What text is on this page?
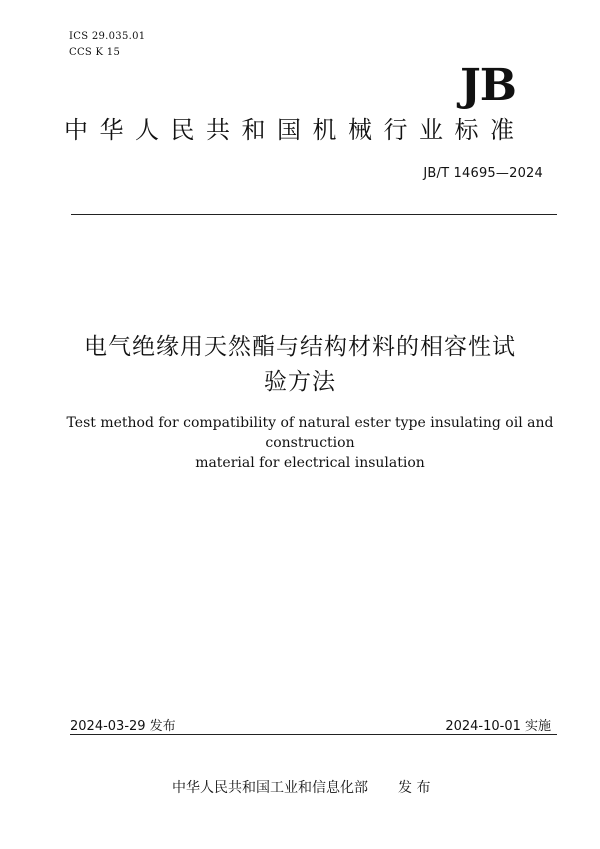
ICS 29.035.01
CCS K 15
JB
中华人民共和国机械行业标准
JB/T 14695—2024
电气绝缘用天然酯与结构材料的相容性试
验方法
Test method for compatibility of natural ester type insulating oil and construction
material for electrical insulation
2024-03-29 发布	2024-10-01 实施
中华人民共和国工业和信息化部 发 布
